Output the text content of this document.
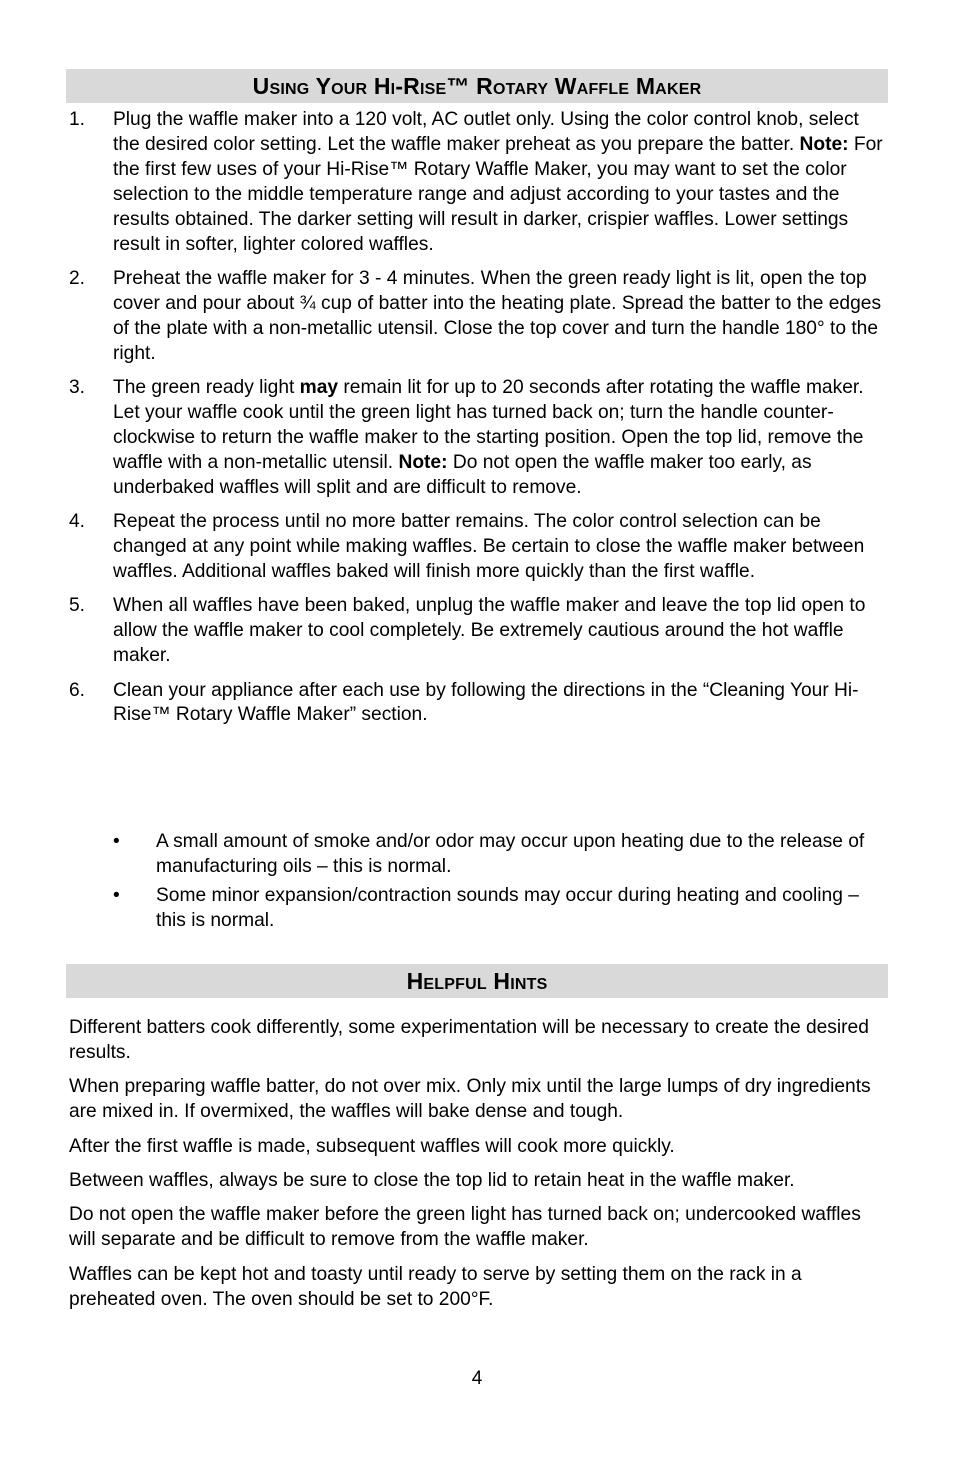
Using Your Hi-Rise™ Rotary Waffle Maker
1. Plug the waffle maker into a 120 volt, AC outlet only. Using the color control knob, select the desired color setting. Let the waffle maker preheat as you prepare the batter. Note: For the first few uses of your Hi-Rise™ Rotary Waffle Maker, you may want to set the color selection to the middle temperature range and adjust according to your tastes and the results obtained. The darker setting will result in darker, crispier waffles. Lower settings result in softer, lighter colored waffles.
2. Preheat the waffle maker for 3 - 4 minutes. When the green ready light is lit, open the top cover and pour about ¾ cup of batter into the heating plate. Spread the batter to the edges of the plate with a non-metallic utensil. Close the top cover and turn the handle 180° to the right.
3. The green ready light may remain lit for up to 20 seconds after rotating the waffle maker. Let your waffle cook until the green light has turned back on; turn the handle counter-clockwise to return the waffle maker to the starting position. Open the top lid, remove the waffle with a non-metallic utensil. Note: Do not open the waffle maker too early, as underbaked waffles will split and are difficult to remove.
4. Repeat the process until no more batter remains. The color control selection can be changed at any point while making waffles. Be certain to close the waffle maker between waffles. Additional waffles baked will finish more quickly than the first waffle.
5. When all waffles have been baked, unplug the waffle maker and leave the top lid open to allow the waffle maker to cool completely. Be extremely cautious around the hot waffle maker.
6. Clean your appliance after each use by following the directions in the “Cleaning Your Hi-Rise™ Rotary Waffle Maker” section.
• A small amount of smoke and/or odor may occur upon heating due to the release of manufacturing oils – this is normal.
• Some minor expansion/contraction sounds may occur during heating and cooling – this is normal.
Helpful Hints

Different batters cook differently, some experimentation will be necessary to create the desired results.

When preparing waffle batter, do not over mix. Only mix until the large lumps of dry ingredients are mixed in. If overmixed, the waffles will bake dense and tough.

After the first waffle is made, subsequent waffles will cook more quickly.

Between waffles, always be sure to close the top lid to retain heat in the waffle maker.

Do not open the waffle maker before the green light has turned back on; undercooked waffles will separate and be difficult to remove from the waffle maker.

Waffles can be kept hot and toasty until ready to serve by setting them on the rack in a preheated oven. The oven should be set to 200°F.

4
